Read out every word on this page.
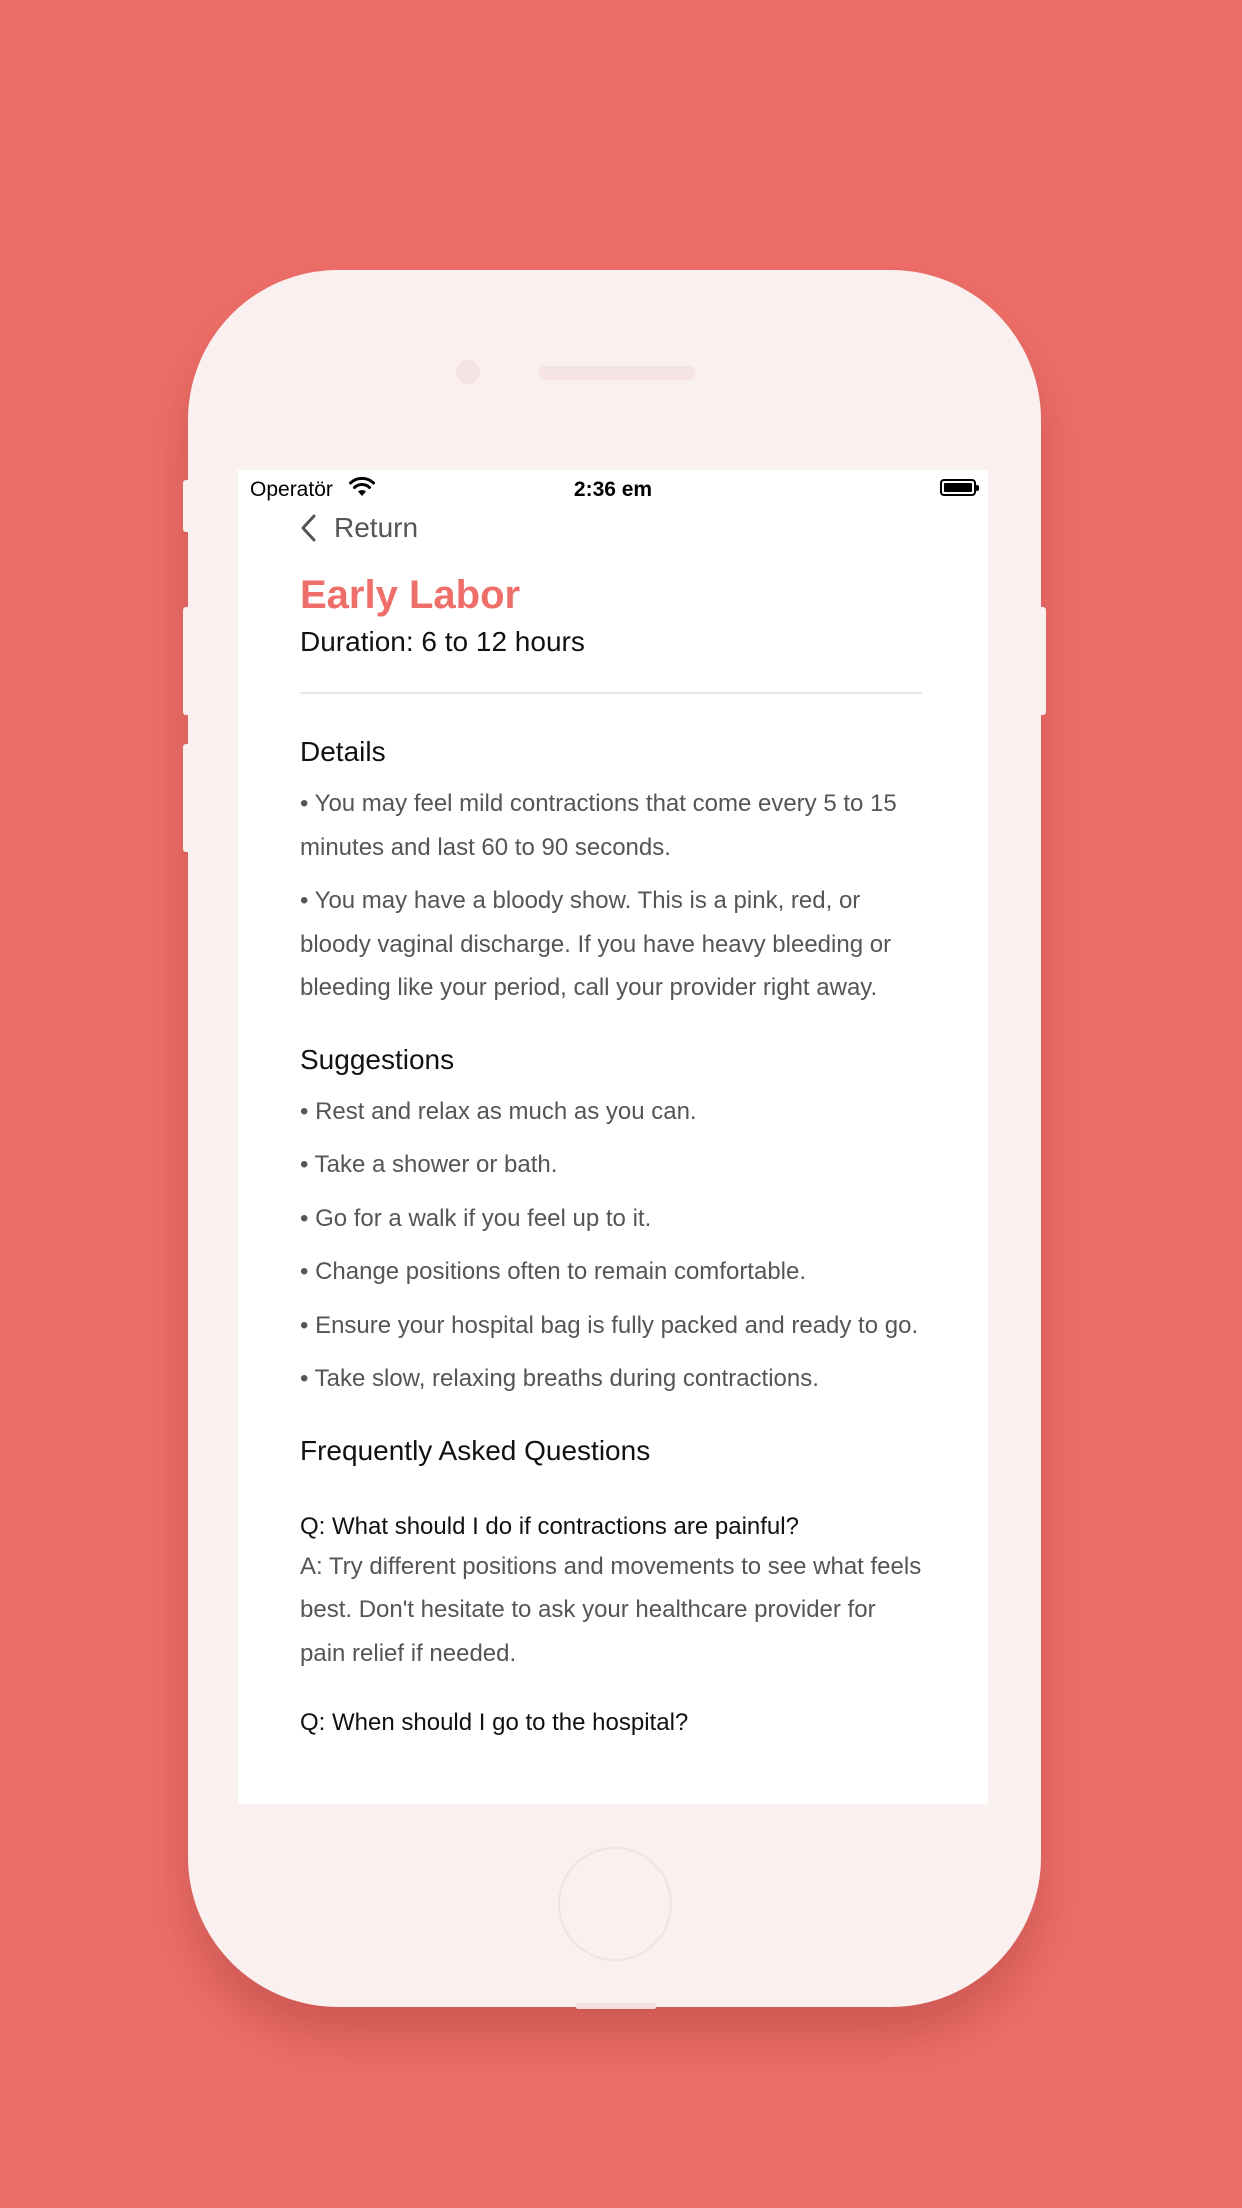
Operatör	2:36 em
Return
Early Labor
Duration: 6 to 12 hours
Details
• You may feel mild contractions that come every 5 to 15 minutes and last 60 to 90 seconds.
• You may have a bloody show. This is a pink, red, or bloody vaginal discharge. If you have heavy bleeding or bleeding like your period, call your provider right away.
Suggestions
• Rest and relax as much as you can.
• Take a shower or bath.
• Go for a walk if you feel up to it.
• Change positions often to remain comfortable.
• Ensure your hospital bag is fully packed and ready to go.
• Take slow, relaxing breaths during contractions.
Frequently Asked Questions
Q: What should I do if contractions are painful?
A: Try different positions and movements to see what feels best. Don't hesitate to ask your healthcare provider for pain relief if needed.
Q: When should I go to the hospital?
